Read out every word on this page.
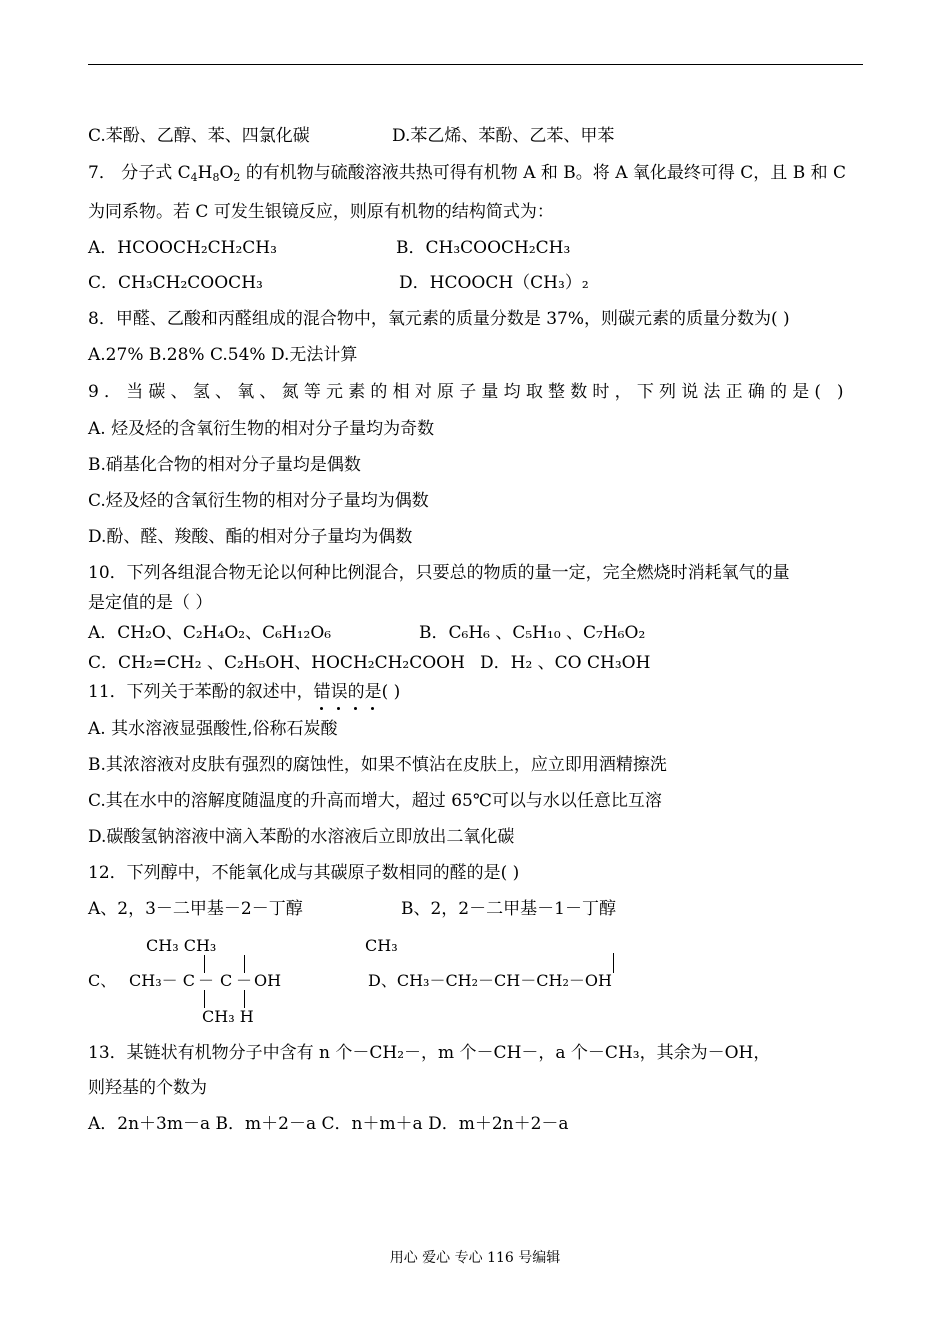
C.苯酚、乙醇、苯、四氯化碳	D.苯乙烯、苯酚、乙苯、甲苯
7． 分子式 $C_4H_8O_2$ 的有机物与硫酸溶液共热可得有机物 A 和 B。将 A 氧化最终可得 C，且 B 和 C
为同系物。若 C 可发生银镜反应，则原有机物的结构简式为：
A．HCOOCH₂CH₂CH₃	B．CH₃COOCH₂CH₃
C．CH₃CH₂COOCH₃	D．HCOOCH（CH₃）₂
8．甲醛、乙酸和丙醛组成的混合物中，氧元素的质量分数是 37%，则碳元素的质量分数为( )
A.27% B.28% C.54% D.无法计算
9．当碳、氢、氧、氮等元素的相对原子量均取整数时，下列说法正确的是( )
A. 烃及烃的含氧衍生物的相对分子量均为奇数
B.硝基化合物的相对分子量均是偶数
C.烃及烃的含氧衍生物的相对分子量均为偶数
D.酚、醛、羧酸、酯的相对分子量均为偶数
10．下列各组混合物无论以何种比例混合，只要总的物质的量一定，完全燃烧时消耗氧气的量
是定值的是（ ）
A．CH₂O、C₂H₄O₂、C₆H₁₂O₆	B．C₆H₆ 、C₅H₁₀ 、C₇H₆O₂
C．CH₂=CH₂ 、C₂H₅OH、HOCH₂CH₂COOH D．H₂ 、CO CH₃OH
11．下列关于苯酚的叙述中，错误的是
( )
A. 其水溶液显强酸性,俗称石炭酸
B.其浓溶液对皮肤有强烈的腐蚀性，如果不慎沾在皮肤上，应立即用酒精擦洗
C.其在水中的溶解度随温度的升高而增大，超过 65℃可以与水以任意比互溶
D.碳酸氢钠溶液中滴入苯酚的水溶液后立即放出二氧化碳
12．下列醇中，不能氧化成与其碳原子数相同的醛的是( )
A、2，3－二甲基－2－丁醇	B、2，2－二甲基－1－丁醇
CH₃ CH₃
C、 CH₃－ C － C － OH
CH₃ H
CH₃
D、CH₃－CH₂－CH－CH₂－OH
13．某链状有机物分子中含有 n 个－CH₂－，m 个－CH－，a 个－CH₃，其余为－OH，
则羟基的个数为
A．2n＋3m－a B．m＋2－a C．n＋m＋a D．m＋2n＋2－a
用心 爱心 专心 116 号编辑
